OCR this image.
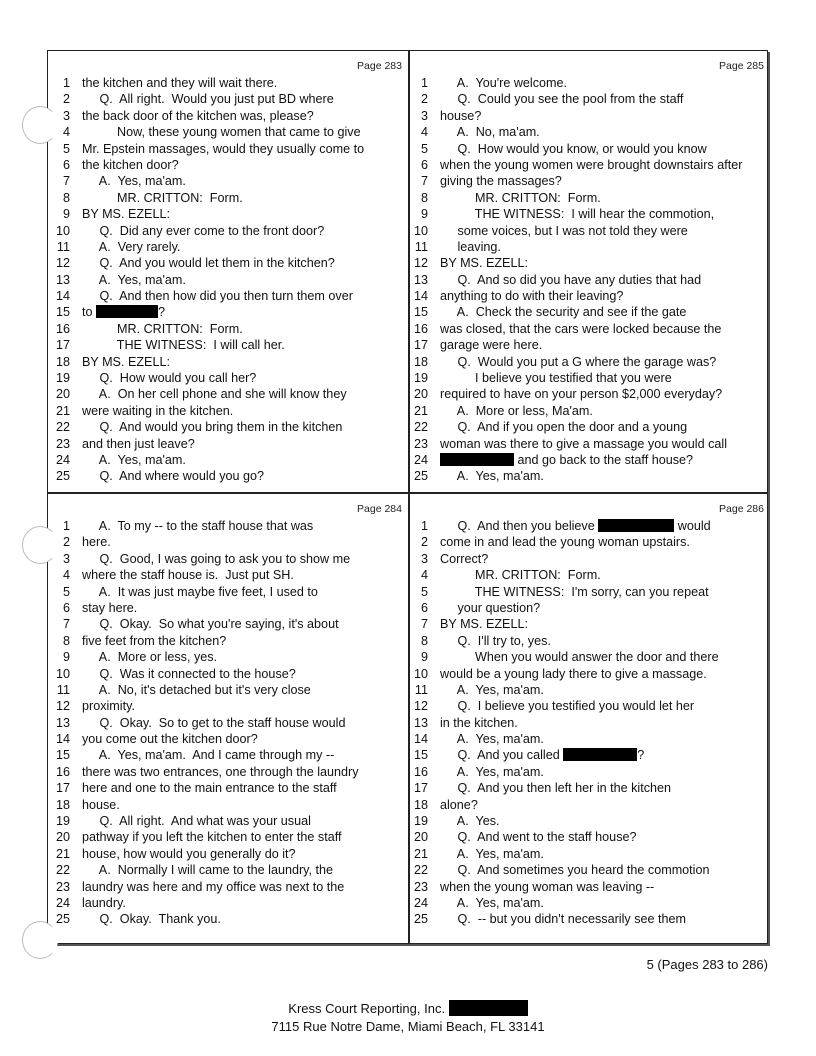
Page 283
1 the kitchen and they will wait there.
2 Q.  All right.  Would you just put BD where
3 the back door of the kitchen was, please?
4 Now, these young women that came to give
5 Mr. Epstein massages, would they usually come to
6 the kitchen door?
7 A.  Yes, ma'am.
8 MR. CRITTON:  Form.
9 BY MS. EZELL:
10 Q.  Did any ever come to the front door?
11 A.  Very rarely.
12 Q.  And you would let them in the kitchen?
13 A.  Yes, ma'am.
14 Q.  And then how did you then turn them over
15 to	?
16 MR. CRITTON:  Form.
17 THE WITNESS:  I will call her.
18 BY MS. EZELL:
19 Q.  How would you call her?
20 A.  On her cell phone and she will know they
21 were waiting in the kitchen.
22 Q.  And would you bring them in the kitchen
23 and then just leave?
24 A.  Yes, ma'am.
25 Q.  And where would you go?
Page 285
1 A.  You're welcome.
2 Q.  Could you see the pool from the staff
3 house?
4 A.  No, ma'am.
5 Q.  How would you know, or would you know
6 when the young women were brought downstairs after
7 giving the massages?
8 MR. CRITTON:  Form.
9 THE WITNESS:  I will hear the commotion,
10 some voices, but I was not told they were
11 leaving.
12 BY MS. EZELL:
13 Q.  And so did you have any duties that had
14 anything to do with their leaving?
15 A.  Check the security and see if the gate
16 was closed, that the cars were locked because the
17 garage were here.
18 Q.  Would you put a G where the garage was?
19 I believe you testified that you were
20 required to have on your person $2,000 everyday?
21 A.  More or less, Ma'am.
22 Q.  And if you open the door and a young
23 woman was there to give a massage you would call
24	and go back to the staff house?
25 A.  Yes, ma'am.
Page 284
1 A.  To my -- to the staff house that was
2 here.
3 Q.  Good, I was going to ask you to show me
4 where the staff house is.  Just put SH.
5 A.  It was just maybe five feet, I used to
6 stay here.
7 Q.  Okay.  So what you're saying, it's about
8 five feet from the kitchen?
9 A.  More or less, yes.
10 Q.  Was it connected to the house?
11 A.  No, it's detached but it's very close
12 proximity.
13 Q.  Okay.  So to get to the staff house would
14 you come out the kitchen door?
15 A.  Yes, ma'am.  And I came through my --
16 there was two entrances, one through the laundry
17 here and one to the main entrance to the staff
18 house.
19 Q.  All right.  And what was your usual
20 pathway if you left the kitchen to enter the staff
21 house, how would you generally do it?
22 A.  Normally I will came to the laundry, the
23 laundry was here and my office was next to the
24 laundry.
25 Q.  Okay.  Thank you.
Page 286
1 Q.  And then you believe	would
2 come in and lead the young woman upstairs.
3 Correct?
4 MR. CRITTON:  Form.
5 THE WITNESS:  I'm sorry, can you repeat
6 your question?
7 BY MS. EZELL:
8 Q.  I'll try to, yes.
9 When you would answer the door and there
10 would be a young lady there to give a massage.
11 A.  Yes, ma'am.
12 Q.  I believe you testified you would let her
13 in the kitchen.
14 A.  Yes, ma'am.
15 Q.  And you called	?
16 A.  Yes, ma'am.
17 Q.  And you then left her in the kitchen
18 alone?
19 A.  Yes.
20 Q.  And went to the staff house?
21 A.  Yes, ma'am.
22 Q.  And sometimes you heard the commotion
23 when the young woman was leaving --
24 A.  Yes, ma'am.
25 Q.  -- but you didn't necessarily see them
5 (Pages 283 to 286)
Kress Court Reporting, Inc.
7115 Rue Notre Dame, Miami Beach, FL 33141
